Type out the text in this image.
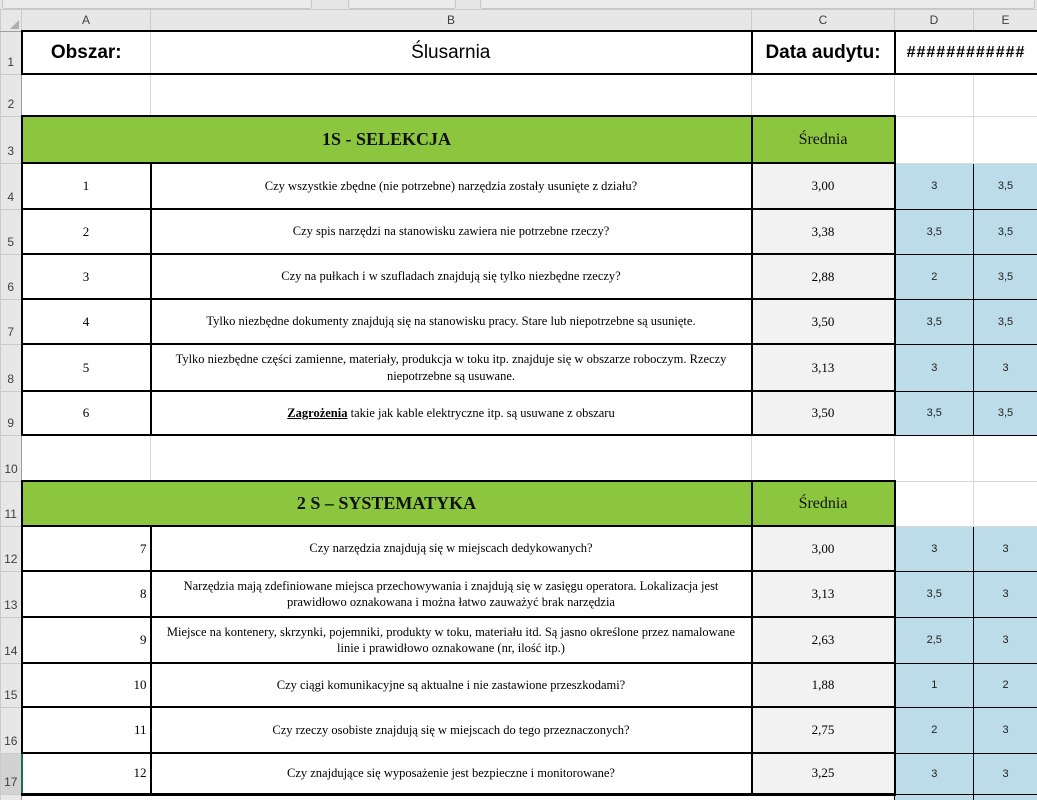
	A	B	C	D	E
1	Obszar:	Ślusarnia	Data audytu:	############	
2					
3	1S - SELEKCJA		Średnia		
4	1	Czy wszystkie zbędne (nie potrzebne) narzędzia zostały usunięte z działu?	3,00	3	3,5
5	2	Czy spis narzędzi na stanowisku zawiera nie potrzebne rzeczy?	3,38	3,5	3,5
6	3	Czy na pułkach i w szufladach znajdują się tylko niezbędne rzeczy?	2,88	2	3,5
7	4	Tylko niezbędne dokumenty znajdują się na stanowisku pracy. Stare lub niepotrzebne są usunięte.	3,50	3,5	3,5
8	5	Tylko niezbędne części zamienne, materiały, produkcja w toku itp. znajduje się w obszarze roboczym. Rzeczy niepotrzebne są usuwane.	3,13	3	3
9	6	Zagrożenia takie jak kable elektryczne itp. są usuwane z obszaru	3,50	3,5	3,5
10					
11	2 S – SYSTEMATYKA		Średnia		
12	7	Czy narzędzia znajdują się w miejscach dedykowanych?	3,00	3	3
13	8	Narzędzia mają zdefiniowane miejsca przechowywania i znajdują się w zasięgu operatora. Lokalizacja jest prawidłowo oznakowana i można łatwo zauważyć brak narzędzia	3,13	3,5	3
14	9	Miejsce na kontenery, skrzynki, pojemniki, produkty w toku, materiału itd. Są jasno określone przez namalowane linie i prawidłowo oznakowane (nr, ilość itp.)	2,63	2,5	3
15	10	Czy ciągi komunikacyjne są aktualne i nie zastawione przeszkodami?	1,88	1	2
16	11	Czy rzeczy osobiste znajdują się w miejscach do tego przeznaczonych?	2,75	2	3
17	12	Czy znajdujące się wyposażenie jest bezpieczne i monitorowane?	3,25	3	3
